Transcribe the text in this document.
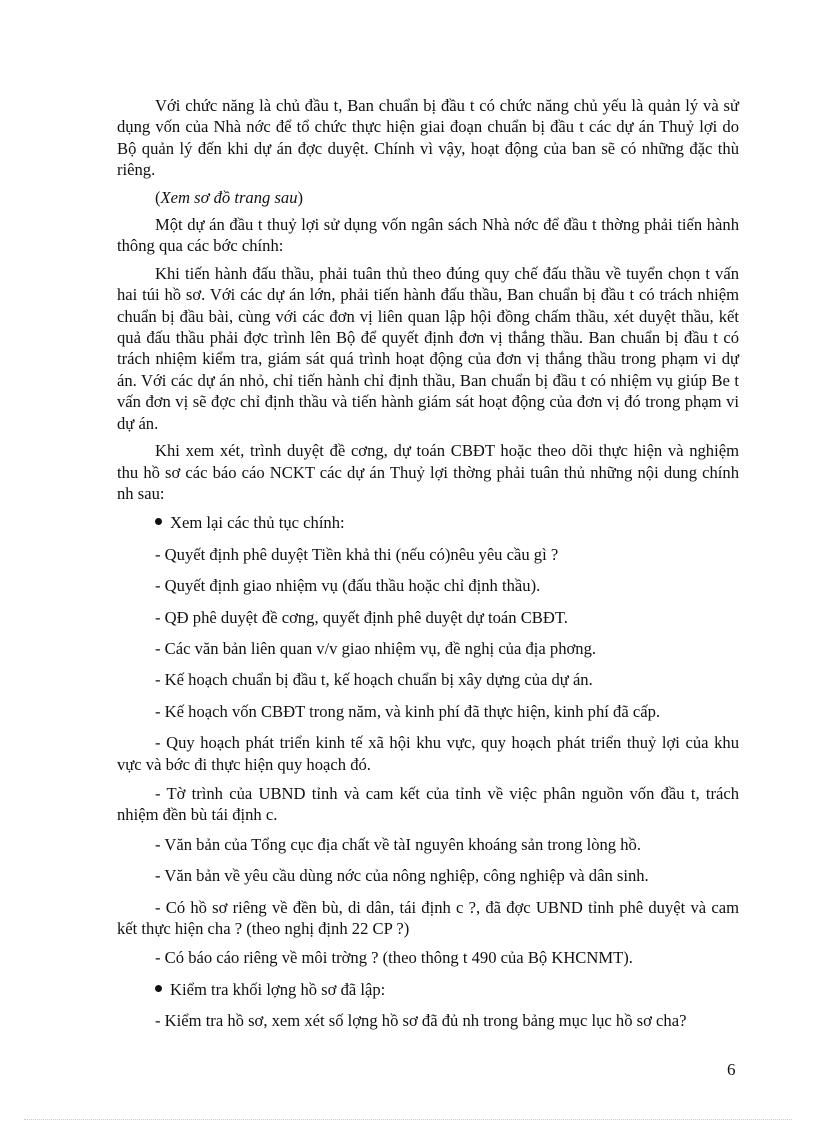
Với chức năng là chủ đầu t, Ban chuẩn bị đầu t có chức năng chủ yếu là quản lý và sử dụng vốn của Nhà nớc để tổ chức thực hiện giai đoạn chuẩn bị đầu t các dự án Thuỷ lợi do Bộ quản lý đến khi dự án đợc duyệt. Chính vì vậy, hoạt động của ban sẽ có những đặc thù riêng.

(Xem sơ đồ trang sau)

Một dự án đầu t thuỷ lợi sử dụng vốn ngân sách Nhà nớc để đầu t thờng phải tiến hành thông qua các bớc chính:

Khi tiến hành đấu thầu, phải tuân thủ theo đúng quy chế đấu thầu về tuyển chọn t vấn hai túi hồ sơ. Với các dự án lớn, phải tiến hành đấu thầu, Ban chuẩn bị đầu t có trách nhiệm chuẩn bị đầu bài, cùng với các đơn vị liên quan lập hội đồng chấm thầu, xét duyệt thầu, kết quả đấu thầu phải đợc trình lên Bộ để quyết định đơn vị thắng thầu. Ban chuẩn bị đầu t có trách nhiệm kiểm tra, giám sát quá trình hoạt động của đơn vị thắng thầu trong phạm vi dự án. Với các dự án nhỏ, chỉ tiến hành chỉ định thầu, Ban chuẩn bị đầu t có nhiệm vụ giúp Be t vấn đơn vị sẽ đợc chỉ định thầu và tiến hành giám sát hoạt động của đơn vị đó trong phạm vi dự án.

Khi xem xét, trình duyệt đề cơng, dự toán CBĐT hoặc theo dõi thực hiện và nghiệm thu hồ sơ các báo cáo NCKT các dự án Thuỷ lợi thờng phải tuân thủ những nội dung chính nh sau:

Xem lại các thủ tục chính:

- Quyết định phê duyệt Tiền khả thi (nếu có)nêu yêu cầu gì ?

- Quyết định giao nhiệm vụ (đấu thầu hoặc chỉ định thầu).

- QĐ phê duyệt đề cơng, quyết định phê duyệt dự toán CBĐT.

- Các văn bản liên quan v/v giao nhiệm vụ, đề nghị của địa phơng.

- Kế hoạch chuẩn bị đầu t, kế hoạch chuẩn bị xây dựng của dự án.

- Kế hoạch vốn CBĐT trong năm, và kinh phí đã thực hiện, kinh phí đã cấp.

- Quy hoạch phát triển kinh tế xã hội khu vực, quy hoạch phát triển thuỷ lợi của khu vực và bớc đi thực hiện quy hoạch đó.

- Tờ trình của UBND tỉnh và cam kết của tỉnh về việc phân nguồn vốn đầu t, trách nhiệm đền bù tái định c.

- Văn bản của Tổng cục địa chất về tàI nguyên khoáng sản trong lòng hồ.

- Văn bản về yêu cầu dùng nớc của nông nghiệp, công nghiệp và dân sinh.

- Có hồ sơ riêng về đền bù, di dân, tái định c ?, đã đợc UBND tỉnh phê duyệt và cam kết thực hiện cha ? (theo nghị định 22 CP ?)

- Có báo cáo riêng về môi trờng ? (theo thông t 490 của Bộ KHCNMT).

Kiểm tra khối lợng hồ sơ đã lập:

- Kiểm tra hồ sơ, xem xét số lợng hồ sơ đã đủ nh trong bảng mục lục hồ sơ cha?

6
